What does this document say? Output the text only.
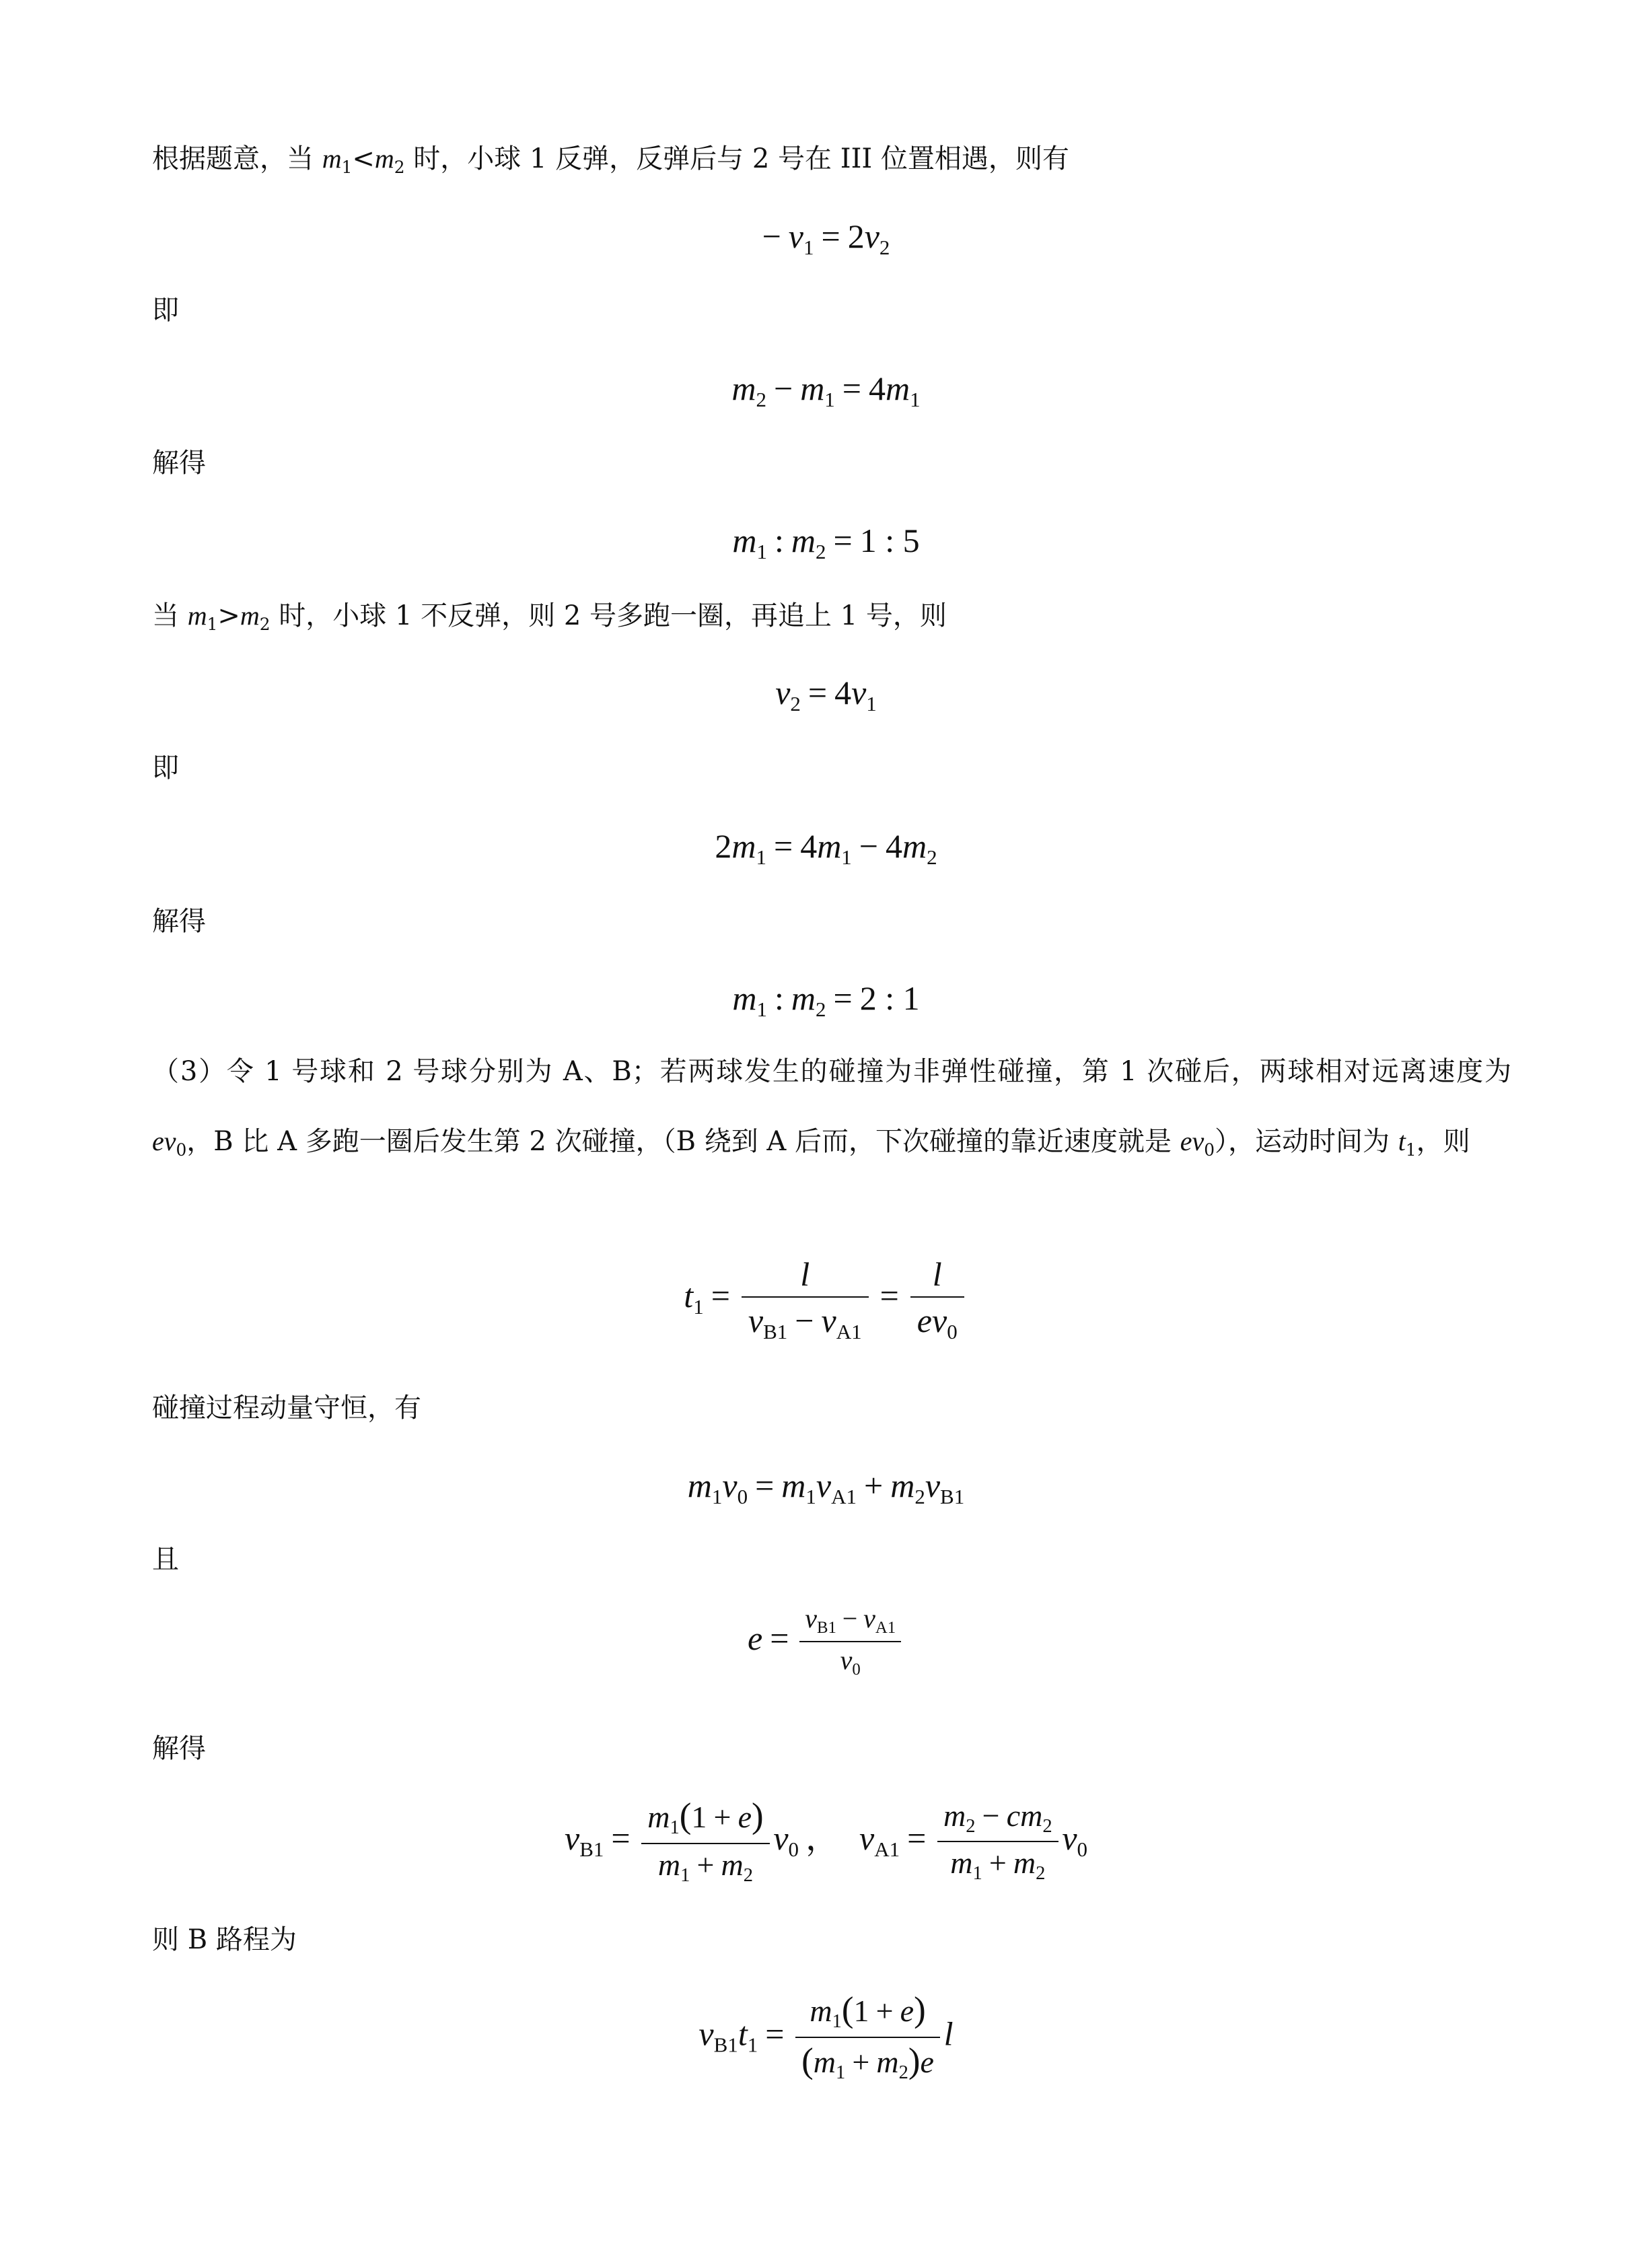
根据题意，当 $m_1<m_2$ 时，小球 1 反弹，反弹后与 2 号在 III 位置相遇，则有
− $v_1 = 2v_2$
即
$m_2 - m_1 = 4m_1$
解得
$m_1$ : $m_2 = 1$ : 5
当 $m_1>m_2$ 时，小球 1 不反弹，则 2 号多跑一圈，再追上 1 号，则
$v_2 = 4v_1$
即
$2m_1 = 4m_1 - 4m_2$
解得
$m_1$ : $m_2 = 2$ : 1
（3）令 1 号球和 2 号球分别为 A、B；若两球发生的碰撞为非弹性碰撞，第 1 次碰后，两球相对远离速度为 $ev_0$，B 比 A 多跑一圈后发生第 2 次碰撞，（B 绕到 A 后而，下次碰撞的靠近速度就是 $ev_0$），运动时间为 $t_1$，则
$t_1 = \frac{l}{v_{B1} - v_{A1}} = \frac{l}{ev_0}$
碰撞过程动量守恒，有
$m_1v_0 = m_1v_{A1} + m_2v_{B1}$
且
$e = \frac{v_{B1} - v_{A1}}{v_0}$
解得
$v_{B1} = \frac{m_1(1 + e)}{m_1 + m_2} v_0$ ， $v_{A1} = \frac{m_2 - cm_2}{m_1 + m_2} v_0$
则 B 路程为
$v_{B1}t_1 = \frac{m_1(1 + e)}{(m_1 + m_2)e}$ l
